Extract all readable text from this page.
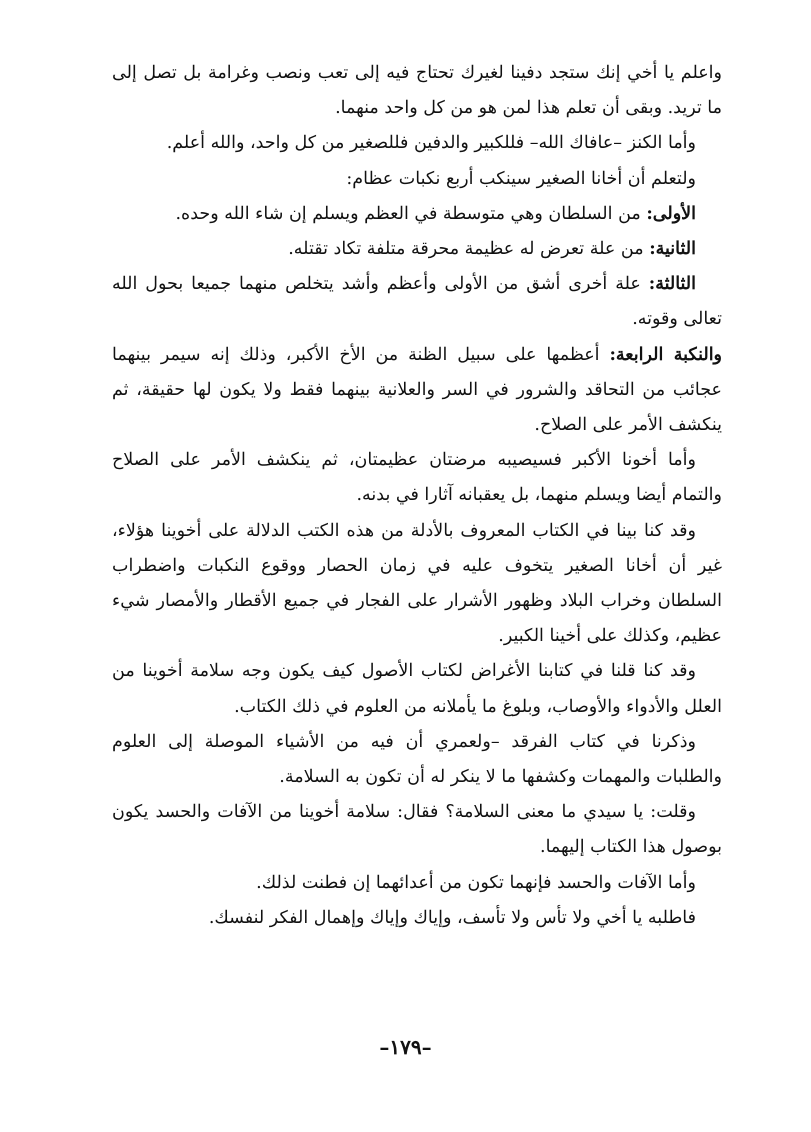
واعلم يا أخي إنك ستجد دفينا لغيرك تحتاج فيه إلى تعب ونصب وغرامة بل تصل إلى ما تريد. وبقى أن تعلم هذا لمن هو من كل واحد منهما.

وأما الكنز –عافاك الله– فللكبير والدفين فللصغير من كل واحد، والله أعلم.

ولتعلم أن أخانا الصغير سينكب أربع نكبات عظام:

الأولى: من السلطان وهي متوسطة في العظم ويسلم إن شاء الله وحده.

الثانية: من علة تعرض له عظيمة محرقة متلفة تكاد تقتله.

الثالثة: علة أخرى أشق من الأولى وأعظم وأشد يتخلص منهما جميعا بحول الله تعالى وقوته.

والنكبة الرابعة: أعظمها على سبيل الظنة من الأخ الأكبر، وذلك إنه سيمر بينهما عجائب من التحاقد والشرور في السر والعلانية بينهما فقط ولا يكون لها حقيقة، ثم ينكشف الأمر على الصلاح.

وأما أخونا الأكبر فسيصيبه مرضتان عظيمتان، ثم ينكشف الأمر على الصلاح والتمام أيضا ويسلم منهما، بل يعقبانه آثارا في بدنه.

وقد كنا بينا في الكتاب المعروف بالأدلة من هذه الكتب الدلالة على أخوينا هؤلاء، غير أن أخانا الصغير يتخوف عليه في زمان الحصار ووقوع النكبات واضطراب السلطان وخراب البلاد وظهور الأشرار على الفجار في جميع الأقطار والأمصار شيء عظيم، وكذلك على أخينا الكبير.

وقد كنا قلنا في كتابنا الأغراض لكتاب الأصول كيف يكون وجه سلامة أخوينا من العلل والأدواء والأوصاب، وبلوغ ما يأملانه من العلوم في ذلك الكتاب.

وذكرنا في كتاب الفرقد –ولعمري أن فيه من الأشياء الموصلة إلى العلوم والطلبات والمهمات وكشفها ما لا ينكر له أن تكون به السلامة.

وقلت: يا سيدي ما معنى السلامة؟ فقال: سلامة أخوينا من الآفات والحسد يكون بوصول هذا الكتاب إليهما.

وأما الآفات والحسد فإنهما تكون من أعدائهما إن فطنت لذلك.

فاطلبه يا أخي ولا تأس ولا تأسف، وإياك وإياك وإهمال الفكر لنفسك.

–١٧٩–
